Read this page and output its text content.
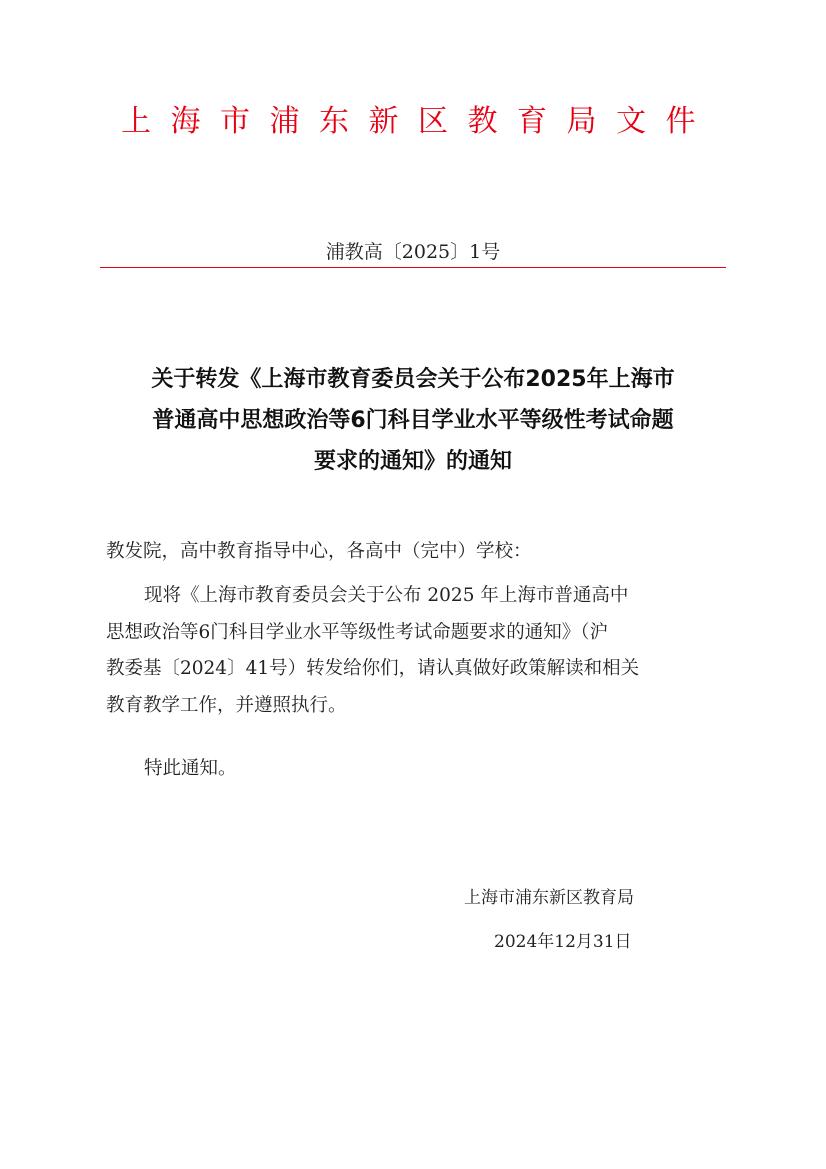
上海市浦东新区教育局文件
浦教高〔2025〕1号
关于转发《上海市教育委员会关于公布2025年上海市
普通高中思想政治等6门科目学业水平等级性考试命题
要求的通知》的通知
教发院，高中教育指导中心，各高中（完中）学校：
现将《上海市教育委员会关于公布 2025 年上海市普通高中
思想政治等6门科目学业水平等级性考试命题要求的通知》（沪
教委基〔2024〕41号）转发给你们，请认真做好政策解读和相关
教育教学工作，并遵照执行。
特此通知。
上海市浦东新区教育局
2024年12月31日
